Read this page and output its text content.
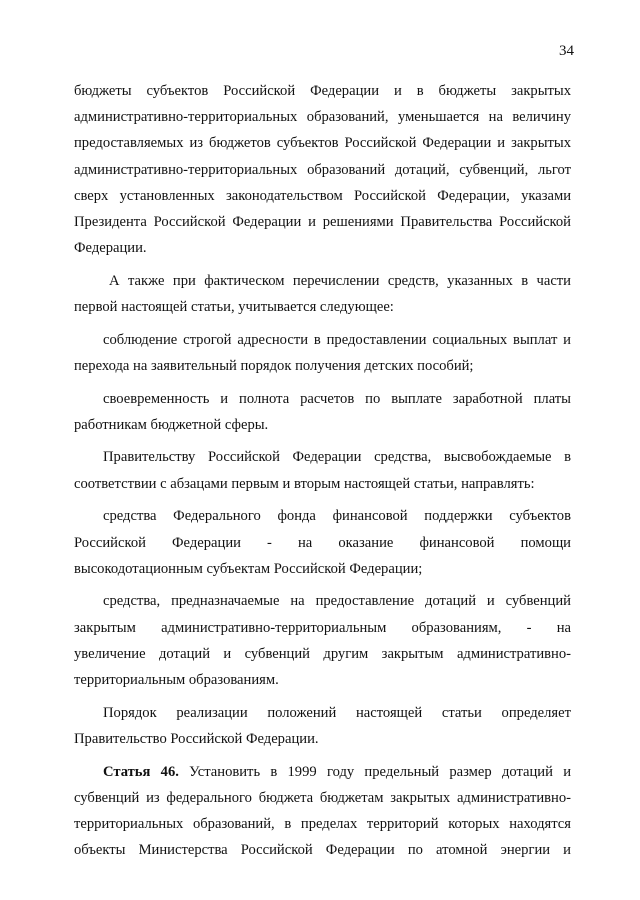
34
бюджеты субъектов Российской Федерации и в бюджеты закрытых
административно-территориальных образований, уменьшается на величину
предоставляемых из бюджетов субъектов Российской Федерации и закрытых
административно-территориальных образований дотаций, субвенций, льгот
сверх установленных законодательством Российской Федерации, указами
Президента Российской Федерации и решениями Правительства Российской
Федерации.
А также при фактическом перечислении средств, указанных в части
первой настоящей статьи, учитывается следующее:
соблюдение строгой адресности в предоставлении социальных выплат и
перехода на заявительный порядок получения детских пособий;
своевременность и полнота расчетов по выплате заработной платы
работникам бюджетной сферы.
Правительству Российской Федерации средства, высвобождаемые в
соответствии с абзацами первым и вторым настоящей статьи, направлять:
средства Федерального фонда финансовой поддержки субъектов
Российской Федерации - на оказание финансовой помощи
высокодотационным субъектам Российской Федерации;
средства, предназначаемые на предоставление дотаций и субвенций
закрытым административно-территориальным образованиям, - на
увеличение дотаций и субвенций другим закрытым административно-
территориальным образованиям.
Порядок реализации положений настоящей статьи определяет
Правительство Российской Федерации.
Статья 46. Установить в 1999 году предельный размер дотаций и
субвенций из федерального бюджета бюджетам закрытых административно-
территориальных образований, в пределах территорий которых находятся
объекты Министерства Российской Федерации по атомной энергии и
